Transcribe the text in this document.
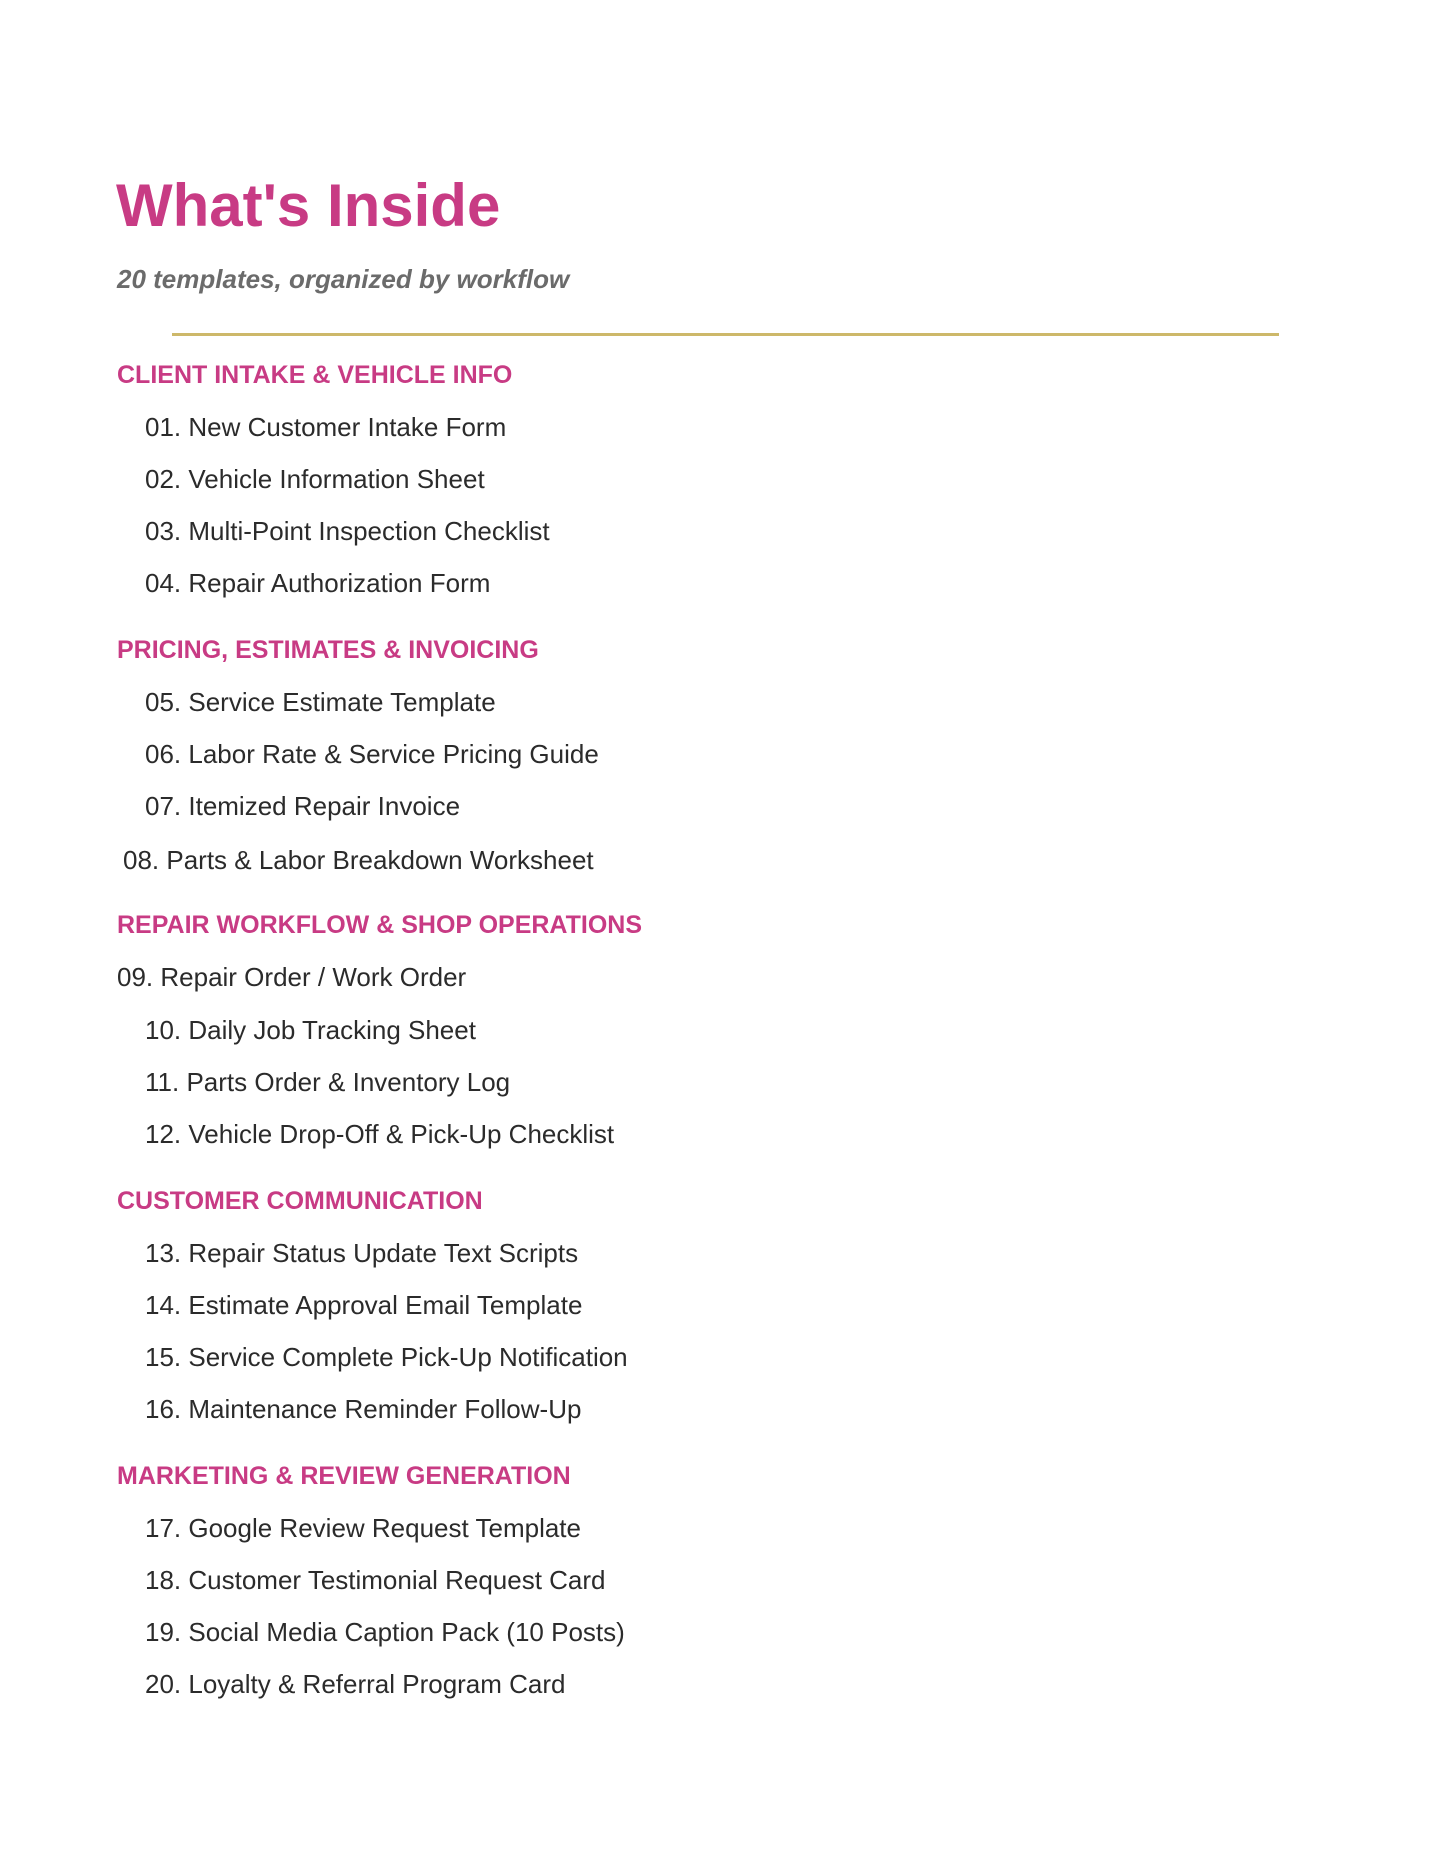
What's Inside

20 templates, organized by workflow

CLIENT INTAKE & VEHICLE INFO

01. New Customer Intake Form

02. Vehicle Information Sheet

03. Multi-Point Inspection Checklist

04. Repair Authorization Form

PRICING, ESTIMATES & INVOICING

05. Service Estimate Template

06. Labor Rate & Service Pricing Guide

07. Itemized Repair Invoice

08. Parts & Labor Breakdown Worksheet

REPAIR WORKFLOW & SHOP OPERATIONS

09. Repair Order / Work Order

10. Daily Job Tracking Sheet

11. Parts Order & Inventory Log

12. Vehicle Drop-Off & Pick-Up Checklist

CUSTOMER COMMUNICATION

13. Repair Status Update Text Scripts

14. Estimate Approval Email Template

15. Service Complete Pick-Up Notification

16. Maintenance Reminder Follow-Up

MARKETING & REVIEW GENERATION

17. Google Review Request Template

18. Customer Testimonial Request Card

19. Social Media Caption Pack (10 Posts)

20. Loyalty & Referral Program Card
